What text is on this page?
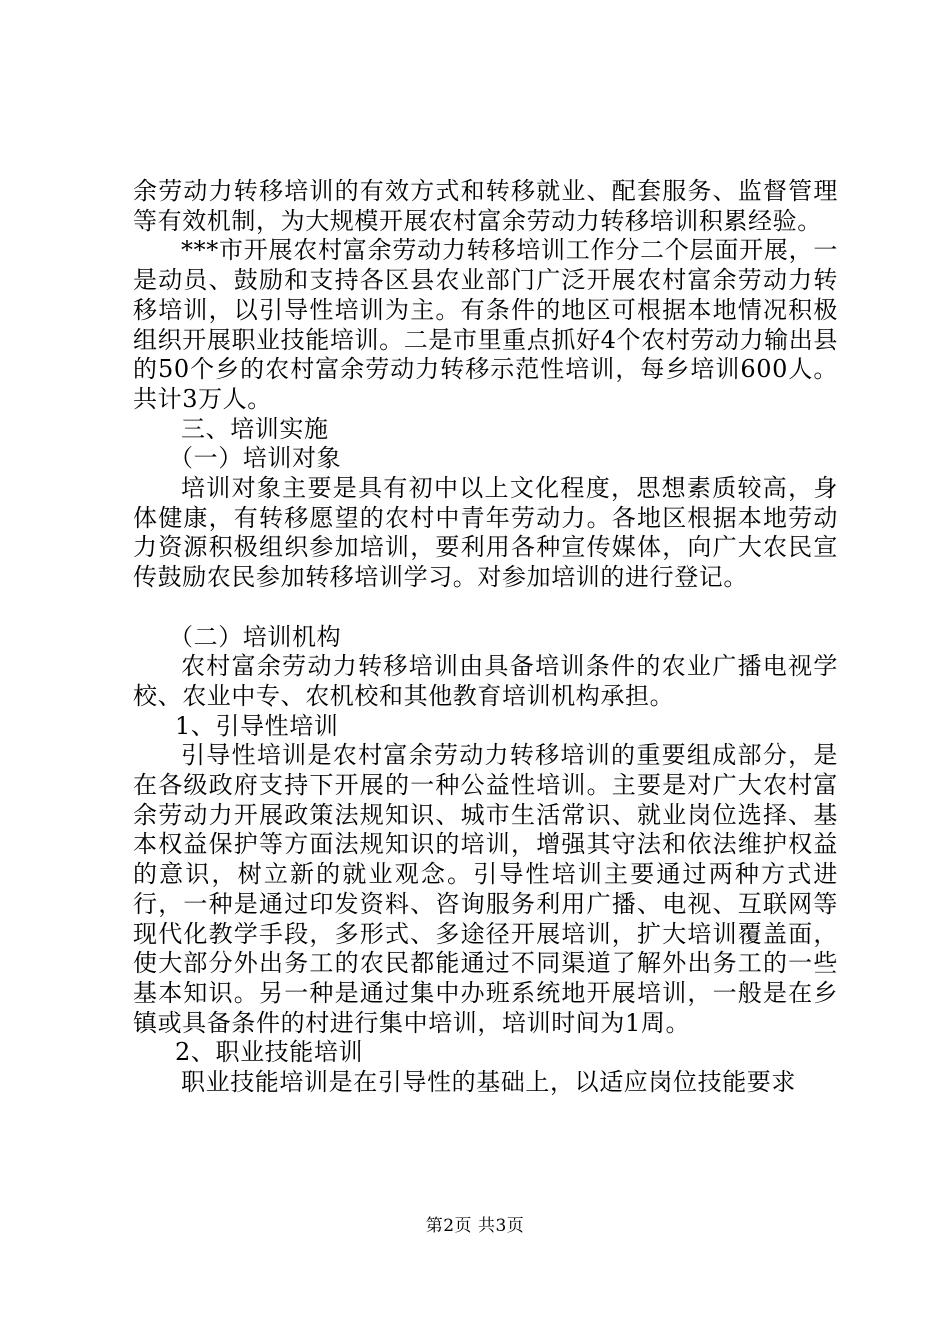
余劳动力转移培训的有效方式和转移就业、配套服务、监督管理等有效机制，为大规模开展农村富余劳动力转移培训积累经验。

***市开展农村富余劳动力转移培训工作分二个层面开展，一是动员、鼓励和支持各区县农业部门广泛开展农村富余劳动力转移培训，以引导性培训为主。有条件的地区可根据本地情况积极组织开展职业技能培训。二是市里重点抓好4个农村劳动力输出县的50个乡的农村富余劳动力转移示范性培训，每乡培训600人。共计3万人。

三、培训实施

（一）培训对象

培训对象主要是具有初中以上文化程度，思想素质较高，身体健康，有转移愿望的农村中青年劳动力。各地区根据本地劳动力资源积极组织参加培训，要利用各种宣传媒体，向广大农民宣传鼓励农民参加转移培训学习。对参加培训的进行登记。

（二）培训机构

农村富余劳动力转移培训由具备培训条件的农业广播电视学校、农业中专、农机校和其他教育培训机构承担。

1、引导性培训

引导性培训是农村富余劳动力转移培训的重要组成部分，是在各级政府支持下开展的一种公益性培训。主要是对广大农村富余劳动力开展政策法规知识、城市生活常识、就业岗位选择、基本权益保护等方面法规知识的培训，增强其守法和依法维护权益的意识，树立新的就业观念。引导性培训主要通过两种方式进行，一种是通过印发资料、咨询服务利用广播、电视、互联网等现代化教学手段，多形式、多途径开展培训，扩大培训覆盖面，使大部分外出务工的农民都能通过不同渠道了解外出务工的一些基本知识。另一种是通过集中办班系统地开展培训，一般是在乡镇或具备条件的村进行集中培训，培训时间为1周。

2、职业技能培训

职业技能培训是在引导性的基础上，以适应岗位技能要求

第2页 共3页
